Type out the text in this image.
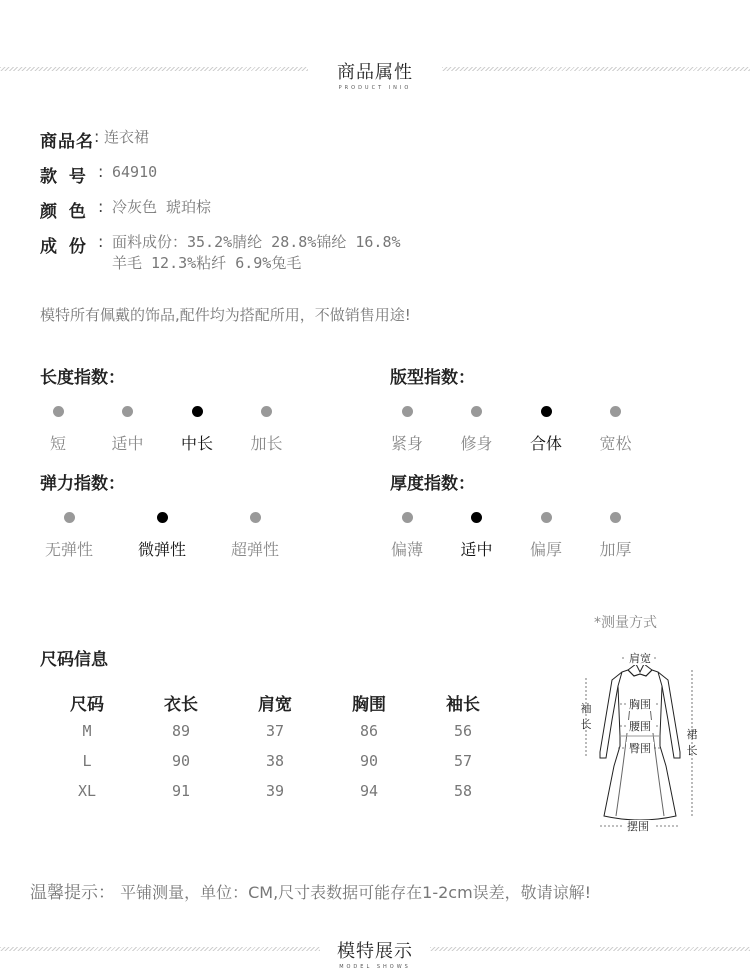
商品属性
PRODUCT INIO
商品名 : 连衣裙
款 号 : 64910
颜 色 : 冷灰色 琥珀棕
成 份 : 面料成份：35.2%腈纶 28.8%锦纶 16.8%
羊毛 12.3%粘纤 6.9%兔毛
模特所有佩戴的饰品,配件均为搭配所用，不做销售用途!
长度指数：	版型指数：
弹力指数：	厚度指数：
短	适中	中长	加长	紧身	修身	合体	宽松
无弹性	微弹性	超弹性	偏薄	适中	偏厚	加厚
尺码信息
尺码	衣长	肩宽	胸围	袖长
M	89	37	86	56
L	90	38	90	57
XL	91	39	94	58
*测量方式
肩宽
胸围
腰围
臀围
摆围
袖
长
裙
长
温馨提示： 平铺测量，单位：CM,尺寸表数据可能存在1-2cm误差，敬请谅解!
模特展示
MODEL SHOWS
